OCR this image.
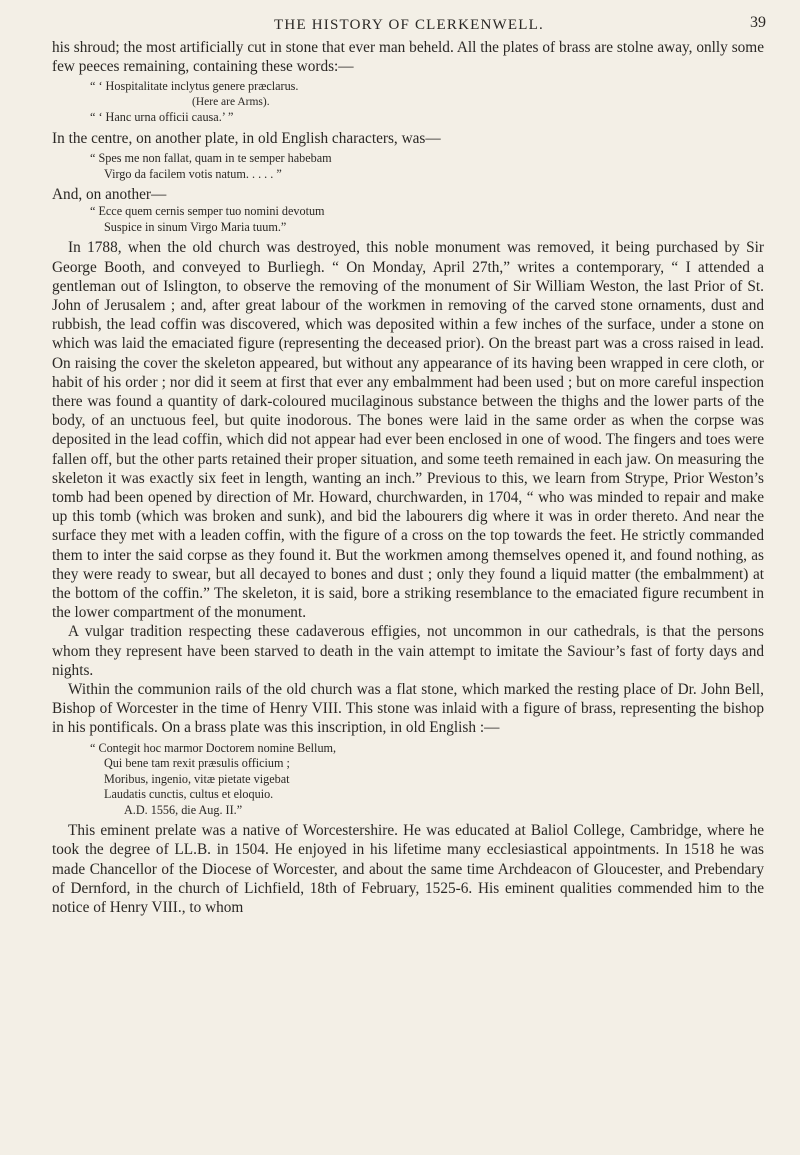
THE HISTORY OF CLERKENWELL.	39

his shroud; the most artificially cut in stone that ever man beheld. All the plates of brass are stolne away, onlly some few peeces remaining, containing these words:—

“ ‘ Hospitalitate inclytus genere præclarus.
(Here are Arms).
“ ‘ Hanc urna officii causa.’ ”

In the centre, on another plate, in old English characters, was—

“ Spes me non fallat, quam in te semper habebam
Virgo da facilem votis natum. . . . . ”

And, on another—

“ Ecce quem cernis semper tuo nomini devotum
Suspice in sinum Virgo Maria tuum.”

In 1788, when the old church was destroyed, this noble monument was removed, it being purchased by Sir George Booth, and conveyed to Burliegh. “ On Monday, April 27th,” writes a contemporary, “ I attended a gentleman out of Islington, to observe the removing of the monument of Sir William Weston, the last Prior of St. John of Jerusalem ; and, after great labour of the workmen in removing of the carved stone ornaments, dust and rubbish, the lead coffin was discovered, which was deposited within a few inches of the surface, under a stone on which was laid the emaciated figure (representing the deceased prior). On the breast part was a cross raised in lead. On raising the cover the skeleton appeared, but without any appearance of its having been wrapped in cere cloth, or habit of his order ; nor did it seem at first that ever any embalmment had been used ; but on more careful inspection there was found a quantity of dark-coloured mucilaginous substance between the thighs and the lower parts of the body, of an unctuous feel, but quite inodorous. The bones were laid in the same order as when the corpse was deposited in the lead coffin, which did not appear had ever been enclosed in one of wood. The fingers and toes were fallen off, but the other parts retained their proper situation, and some teeth remained in each jaw. On measuring the skeleton it was exactly six feet in length, wanting an inch.” Previous to this, we learn from Strype, Prior Weston’s tomb had been opened by direction of Mr. Howard, churchwarden, in 1704, “ who was minded to repair and make up this tomb (which was broken and sunk), and bid the labourers dig where it was in order thereto. And near the surface they met with a leaden coffin, with the figure of a cross on the top towards the feet. He strictly commanded them to inter the said corpse as they found it. But the workmen among themselves opened it, and found nothing, as they were ready to swear, but all decayed to bones and dust ; only they found a liquid matter (the embalmment) at the bottom of the coffin.” The skeleton, it is said, bore a striking resemblance to the emaciated figure recumbent in the lower compartment of the monument.

A vulgar tradition respecting these cadaverous effigies, not uncommon in our cathedrals, is that the persons whom they represent have been starved to death in the vain attempt to imitate the Saviour’s fast of forty days and nights.

Within the communion rails of the old church was a flat stone, which marked the resting place of Dr. John Bell, Bishop of Worcester in the time of Henry VIII. This stone was inlaid with a figure of brass, representing the bishop in his pontificals. On a brass plate was this inscription, in old English :—

“ Contegit hoc marmor Doctorem nomine Bellum,
Qui bene tam rexit præsulis officium ;
Moribus, ingenio, vitæ pietate vigebat
Laudatis cunctis, cultus et eloquio.
A.D. 1556, die Aug. II.”

This eminent prelate was a native of Worcestershire. He was educated at Baliol College, Cambridge, where he took the degree of LL.B. in 1504. He enjoyed in his lifetime many ecclesiastical appointments. In 1518 he was made Chancellor of the Diocese of Worcester, and about the same time Archdeacon of Gloucester, and Prebendary of Dernford, in the church of Lichfield, 18th of February, 1525-6. His eminent qualities commended him to the notice of Henry VIII., to whom
